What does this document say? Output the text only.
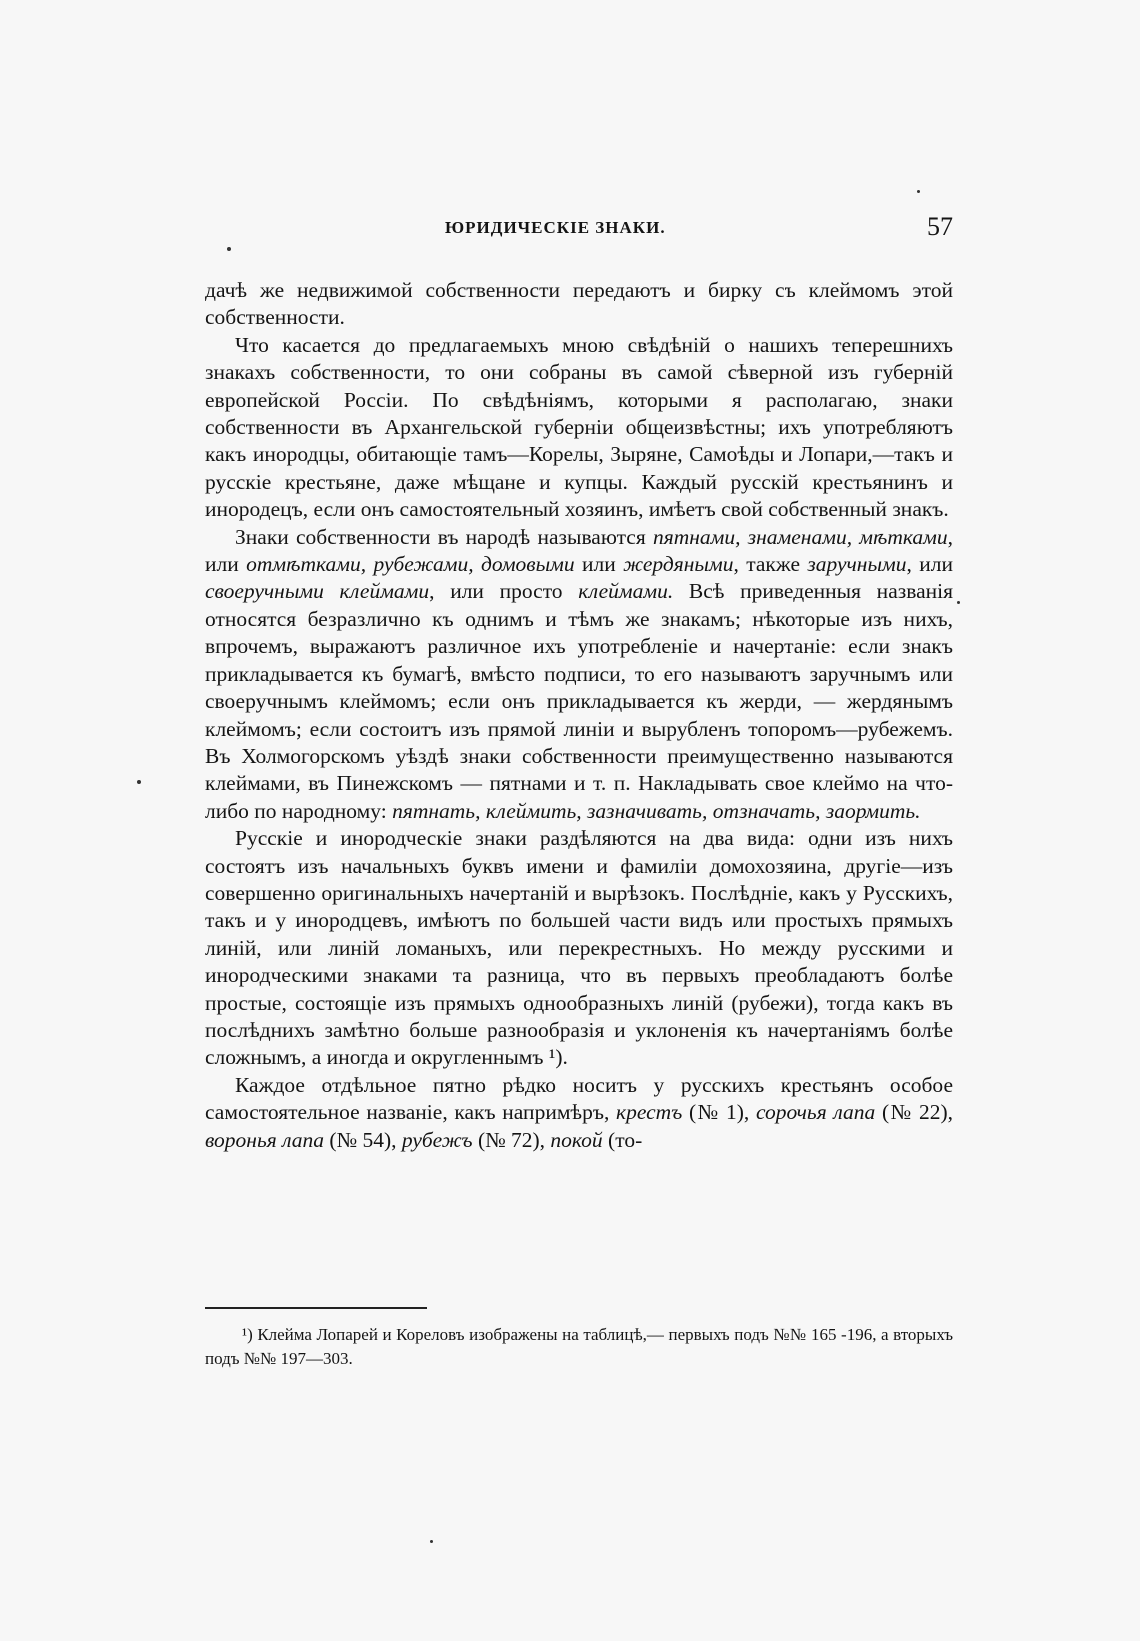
ЮРИДИЧЕСКІЕ ЗНАКИ.	57

дачѣ же недвижимой собственности передаютъ и бирку съ клеймомъ этой собственности.

Что касается до предлагаемыхъ мною свѣдѣній о нашихъ теперешнихъ знакахъ собственности, то они собраны въ самой сѣверной изъ губерній европейской Россіи. По свѣдѣніямъ, которыми я располагаю, знаки собственности въ Архангельской губерніи общеизвѣстны; ихъ употребляютъ какъ инородцы, обитающіе тамъ—Корелы, Зыряне, Самоѣды и Лопари,—такъ и русскіе крестьяне, даже мѣщане и купцы. Каждый русскій крестьянинъ и инородецъ, если онъ самостоятельный хозяинъ, имѣетъ свой собственный знакъ.

Знаки собственности въ народѣ называются пятнами, знаменами, мѣтками, или отмѣтками, рубежами, домовыми или жердяными, также заручными, или своеручными клеймами, или просто клеймами. Всѣ приведенныя названія относятся безразлично къ однимъ и тѣмъ же знакамъ; нѣкоторые изъ нихъ, впрочемъ, выражаютъ различное ихъ употребленіе и начертаніе: если знакъ прикладывается къ бумагѣ, вмѣсто подписи, то его называютъ заручнымъ или своеручнымъ клеймомъ; если онъ прикладывается къ жерди, — жердянымъ клеймомъ; если состоитъ изъ прямой линіи и вырубленъ топоромъ—рубежемъ. Въ Холмогорскомъ уѣздѣ знаки собственности преимущественно называются клеймами, въ Пинежскомъ — пятнами и т. п. Накладывать свое клеймо на что-либо по народному: пятнать, клеймить, зазначивать, отзначать, заормить.

Русскіе и инородческіе знаки раздѣляются на два вида: одни изъ нихъ состоятъ изъ начальныхъ буквъ имени и фамиліи домохозяина, другіе—изъ совершенно оригинальныхъ начертаній и вырѣзокъ. Послѣдніе, какъ у Русскихъ, такъ и у инородцевъ, имѣютъ по большей части видъ или простыхъ прямыхъ линій, или линій ломаныхъ, или перекрестныхъ. Но между русскими и инородческими знаками та разница, что въ первыхъ преобладаютъ болѣе простые, состоящіе изъ прямыхъ однообразныхъ линій (рубежи), тогда какъ въ послѣднихъ замѣтно больше разнообразія и уклоненія къ начертаніямъ болѣе сложнымъ, а иногда и округленнымъ ¹).

Каждое отдѣльное пятно рѣдко носитъ у русскихъ крестьянъ особое самостоятельное названіе, какъ напримѣръ, крестъ (№ 1), сорочья лапа (№ 22), воронья лапа (№ 54), рубежъ (№ 72), покой (то-

¹) Клейма Лопарей и Кореловъ изображены на таблицѣ,— первыхъ подъ №№ 165 -196, а вторыхъ подъ №№ 197—303.
